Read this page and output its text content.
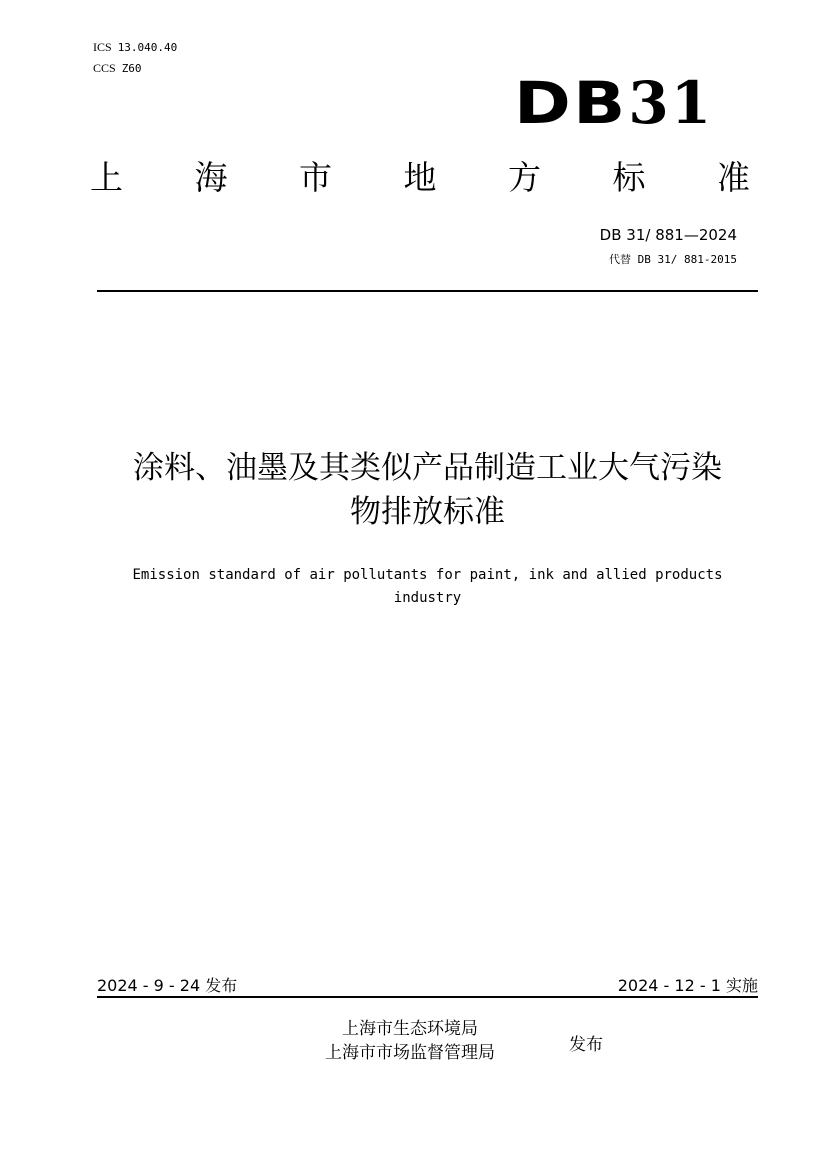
ICS 13.040.40
CCS Z60
DB31
上 海 市 地 方 标 准
DB 31/ 881—2024
代替 DB 31/ 881-2015
涂料、油墨及其类似产品制造工业大气污染
物排放标准
Emission standard of air pollutants for paint, ink and allied products
industry
2024 - 9 - 24 发布	2024 - 12 - 1 实施
上海市生态环境局
上海市市场监督管理局	发布
